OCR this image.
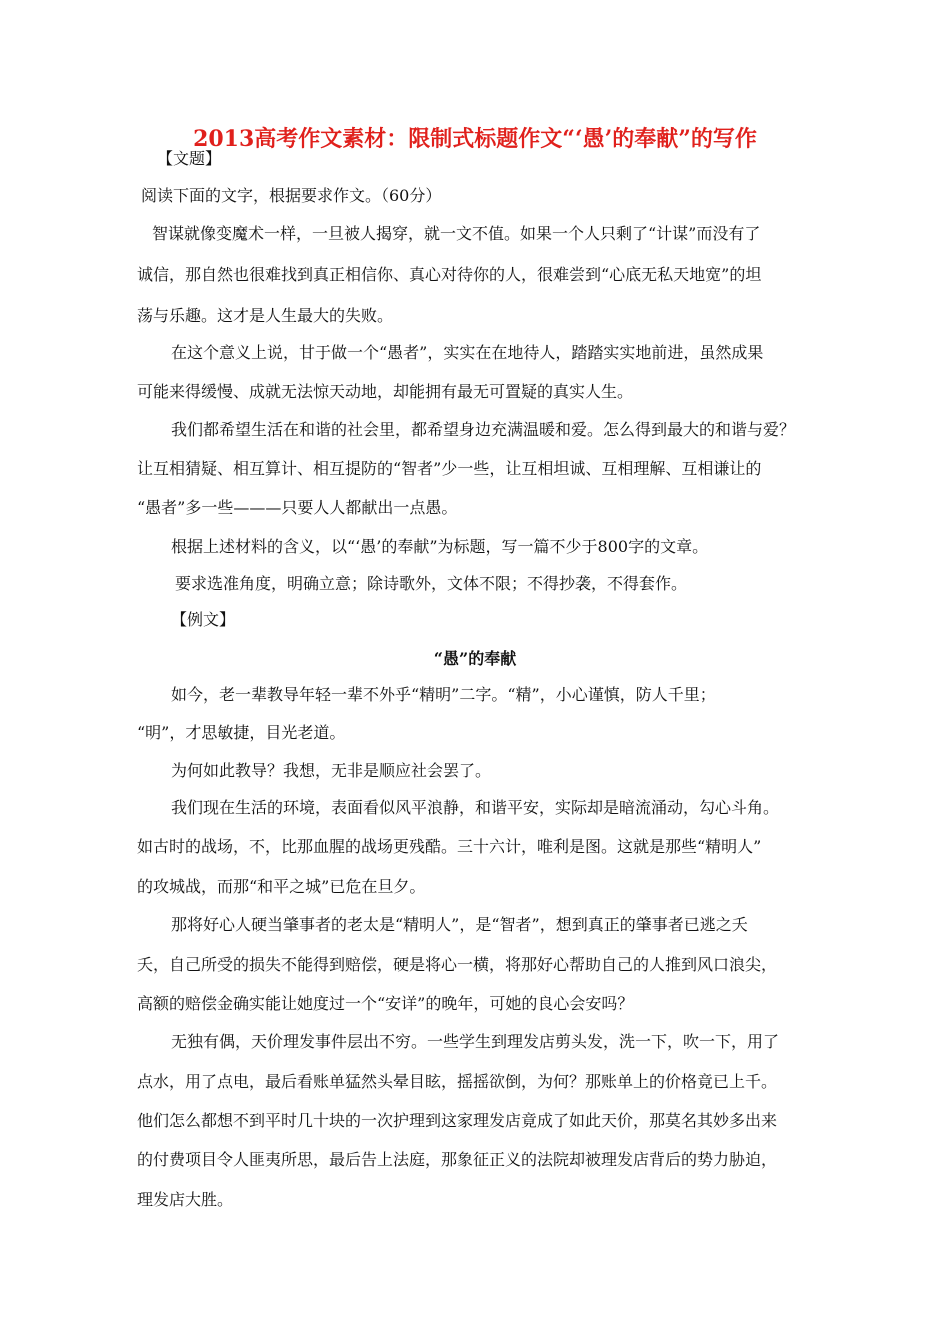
2013高考作文素材：限制式标题作文“‘愚’的奉献”的写作
【文题】
阅读下面的文字，根据要求作文。（60分）
智谋就像变魔术一样，一旦被人揭穿，就一文不值。如果一个人只剩了“计谋”而没有了
诚信，那自然也很难找到真正相信你、真心对待你的人，很难尝到“心底无私天地宽”的坦
荡与乐趣。这才是人生最大的失败。
在这个意义上说，甘于做一个“愚者”，实实在在地待人，踏踏实实地前进，虽然成果
可能来得缓慢、成就无法惊天动地，却能拥有最无可置疑的真实人生。
我们都希望生活在和谐的社会里，都希望身边充满温暖和爱。怎么得到最大的和谐与爱？
让互相猜疑、相互算计、相互提防的“智者”少一些，让互相坦诚、互相理解、互相谦让的
“愚者”多一些———只要人人都献出一点愚。
根据上述材料的含义，以“‘愚’的奉献”为标题，写一篇不少于800字的文章。
要求选准角度，明确立意；除诗歌外，文体不限；不得抄袭，不得套作。
【例文】
“愚”的奉献
如今，老一辈教导年轻一辈不外乎“精明”二字。“精”，小心谨慎，防人千里；
“明”，才思敏捷，目光老道。
为何如此教导？我想，无非是顺应社会罢了。
我们现在生活的环境，表面看似风平浪静，和谐平安，实际却是暗流涌动，勾心斗角。
如古时的战场，不，比那血腥的战场更残酷。三十六计，唯利是图。这就是那些“精明人”
的攻城战，而那“和平之城”已危在旦夕。
那将好心人硬当肇事者的老太是“精明人”，是“智者”，想到真正的肇事者已逃之夭
夭，自己所受的损失不能得到赔偿，硬是将心一横，将那好心帮助自己的人推到风口浪尖，
高额的赔偿金确实能让她度过一个“安详”的晚年，可她的良心会安吗？
无独有偶，天价理发事件层出不穷。一些学生到理发店剪头发，洗一下，吹一下，用了
点水，用了点电，最后看账单猛然头晕目眩，摇摇欲倒，为何？那账单上的价格竟已上千。
他们怎么都想不到平时几十块的一次护理到这家理发店竟成了如此天价，那莫名其妙多出来
的付费项目令人匪夷所思，最后告上法庭，那象征正义的法院却被理发店背后的势力胁迫，
理发店大胜。
